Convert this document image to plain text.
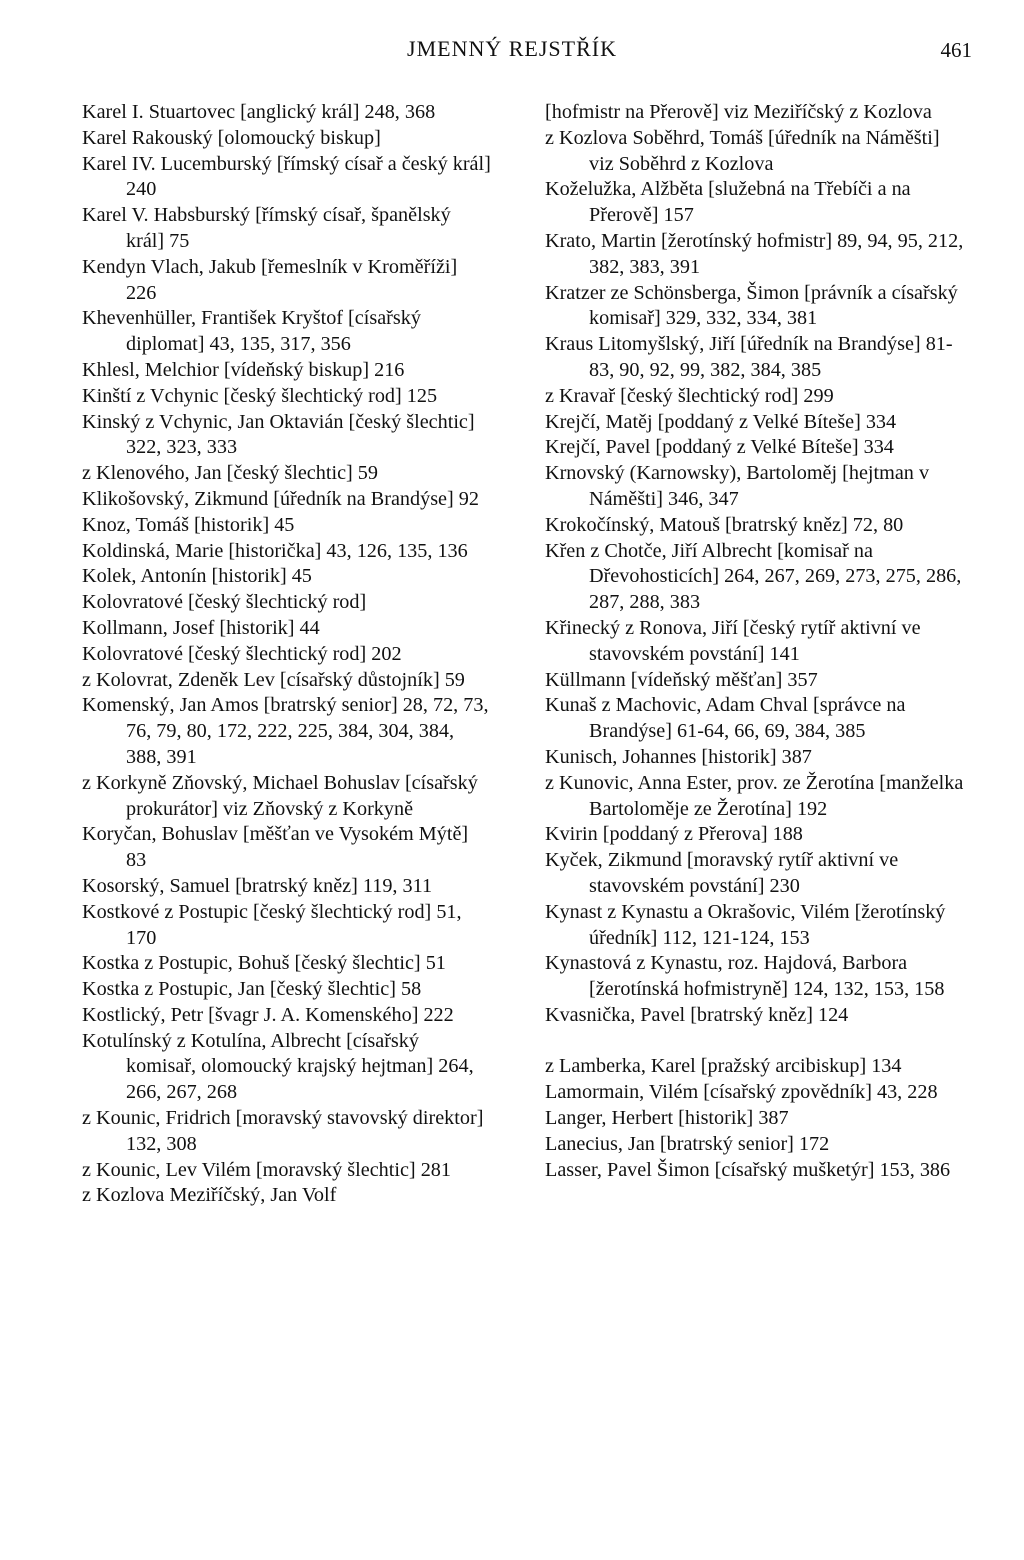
JMENNÝ REJSTŘÍK	461

Karel I. Stuartovec [anglický král] 248, 368

Karel Rakouský [olomoucký biskup]

Karel IV. Lucemburský [římský císař a český král] 240

Karel V. Habsburský [římský císař, španělský král] 75

Kendyn Vlach, Jakub [řemeslník v Kroměříži] 226

Khevenhüller, František Kryštof [císařský diplomat] 43, 135, 317, 356

Khlesl, Melchior [vídeňský biskup] 216

Kinští z Vchynic [český šlechtický rod] 125

Kinský z Vchynic, Jan Oktavián [český šlechtic] 322, 323, 333

z Klenového, Jan [český šlechtic] 59

Klikošovský, Zikmund [úředník na Brandýse] 92

Knoz, Tomáš [historik] 45

Koldinská, Marie [historička] 43, 126, 135, 136

Kolek, Antonín [historik] 45

Kolovratové [český šlechtický rod]

Kollmann, Josef [historik] 44

Kolovratové [český šlechtický rod] 202

z Kolovrat, Zdeněk Lev [císařský důstojník] 59

Komenský, Jan Amos [bratrský senior] 28, 72, 73, 76, 79, 80, 172, 222, 225, 384, 304, 384, 388, 391

z Korkyně Zňovský, Michael Bohuslav [císařský prokurátor] viz Zňovský z Korkyně

Koryčan, Bohuslav [měšťan ve Vysokém Mýtě] 83

Kosorský, Samuel [bratrský kněz] 119, 311

Kostkové z Postupic [český šlechtický rod] 51, 170

Kostka z Postupic, Bohuš [český šlechtic] 51

Kostka z Postupic, Jan [český šlechtic] 58

Kostlický, Petr [švagr J. A. Komenského] 222

Kotulínský z Kotulína, Albrecht [císařský komisař, olomoucký krajský hejtman] 264, 266, 267, 268

z Kounic, Fridrich [moravský stavovský direktor] 132, 308

z Kounic, Lev Vilém [moravský šlechtic] 281

z Kozlova Meziříčský, Jan Volf

[hofmistr na Přerově] viz Meziříčský z Kozlova

z Kozlova Soběhrd, Tomáš [úředník na Náměšti] viz Soběhrd z Kozlova

Koželužka, Alžběta [služebná na Třebíči a na Přerově] 157

Krato, Martin [žerotínský hofmistr] 89, 94, 95, 212, 382, 383, 391

Kratzer ze Schönsberga, Šimon [právník a císařský komisař] 329, 332, 334, 381

Kraus Litomyšlský, Jiří [úředník na Brandýse] 81-83, 90, 92, 99, 382, 384, 385

z Kravař [český šlechtický rod] 299

Krejčí, Matěj [poddaný z Velké Bíteše] 334

Krejčí, Pavel [poddaný z Velké Bíteše] 334

Krnovský (Karnowsky), Bartoloměj [hejtman v Náměšti] 346, 347

Krokočínský, Matouš [bratrský kněz] 72, 80

Křen z Chotče, Jiří Albrecht [komisař na Dřevohosticích] 264, 267, 269, 273, 275, 286, 287, 288, 383

Křinecký z Ronova, Jiří [český rytíř aktivní ve stavovském povstání] 141

Küllmann [vídeňský měšťan] 357

Kunaš z Machovic, Adam Chval [správce na Brandýse] 61-64, 66, 69, 384, 385

Kunisch, Johannes [historik] 387

z Kunovic, Anna Ester, prov. ze Žerotína [manželka Bartoloměje ze Žerotína] 192

Kvirin [poddaný z Přerova] 188

Kyček, Zikmund [moravský rytíř aktivní ve stavovském povstání] 230

Kynast z Kynastu a Okrašovic, Vilém [žerotínský úředník] 112, 121-124, 153

Kynastová z Kynastu, roz. Hajdová, Barbora [žerotínská hofmistryně] 124, 132, 153, 158

Kvasnička, Pavel [bratrský kněz] 124

z Lamberka, Karel [pražský arcibiskup] 134

Lamormain, Vilém [císařský zpovědník] 43, 228

Langer, Herbert [historik] 387

Lanecius, Jan [bratrský senior] 172

Lasser, Pavel Šimon [císařský mušketýr] 153, 386
